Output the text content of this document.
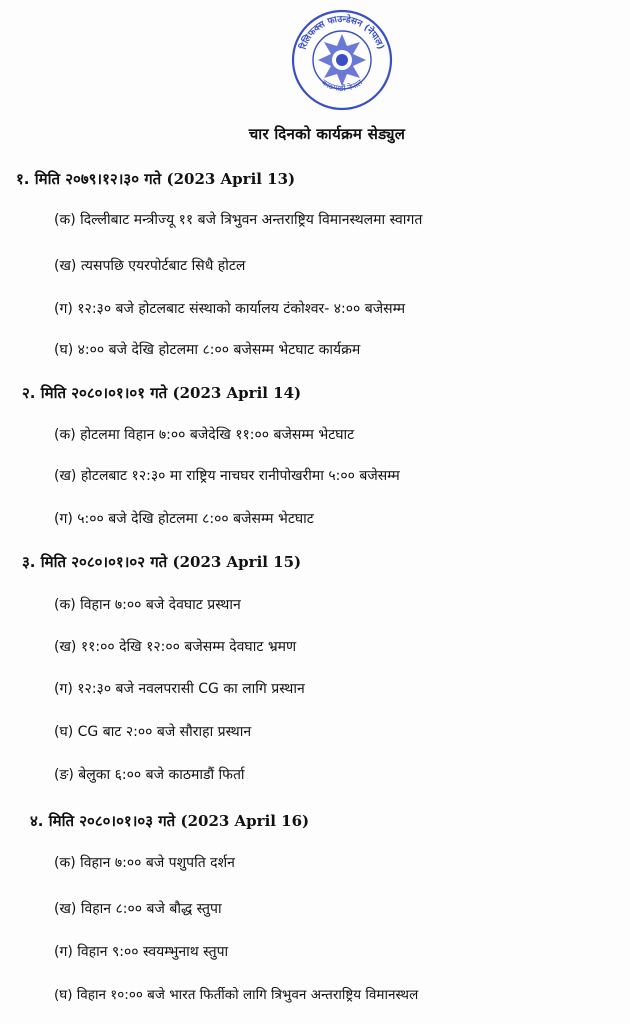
रिलिफक्स फाउन्डेसन (नेपाल)
काठमाडौं नेपाल
चार दिनको कार्यक्रम सेड्युल
१. मिति २०७९।१२।३० गते (2023 April 13)
(क) दिल्लीबाट मन्त्रीज्यू ११ बजे त्रिभुवन अन्तराष्ट्रिय विमानस्थलमा स्वागत
(ख) त्यसपछि एयरपोर्टबाट सिधै होटल
(ग) १२:३० बजे होटलबाट संस्थाको कार्यालय टंकोश्वर- ४:०० बजेसम्म
(घ) ४:०० बजे देखि होटलमा ८:०० बजेसम्म भेटघाट कार्यक्रम
२. मिति २०८०।०१।०१ गते (2023 April 14)
(क) होटलमा विहान ७:०० बजेदेखि ११:०० बजेसम्म भेटघाट
(ख) होटलबाट १२:३० मा राष्ट्रिय नाचघर रानीपोखरीमा ५:०० बजेसम्म
(ग) ५:०० बजे देखि होटलमा ८:०० बजेसम्म भेटघाट
३. मिति २०८०।०१।०२ गते (2023 April 15)
(क) विहान ७:०० बजे देवघाट प्रस्थान
(ख) ११:०० देखि १२:०० बजेसम्म देवघाट भ्रमण
(ग) १२:३० बजे नवलपरासी CG का लागि प्रस्थान
(घ) CG बाट २:०० बजे सौराहा प्रस्थान
(ङ) बेलुका ६:०० बजे काठमाडौं फिर्ता
४. मिति २०८०।०१।०३ गते (2023 April 16)
(क) विहान ७:०० बजे पशुपति दर्शन
(ख) विहान ८:०० बजे बौद्ध स्तुपा
(ग) विहान ९:०० स्वयम्भुनाथ स्तुपा
(घ) विहान १०:०० बजे भारत फिर्तीको लागि त्रिभुवन अन्तराष्ट्रिय विमानस्थल
